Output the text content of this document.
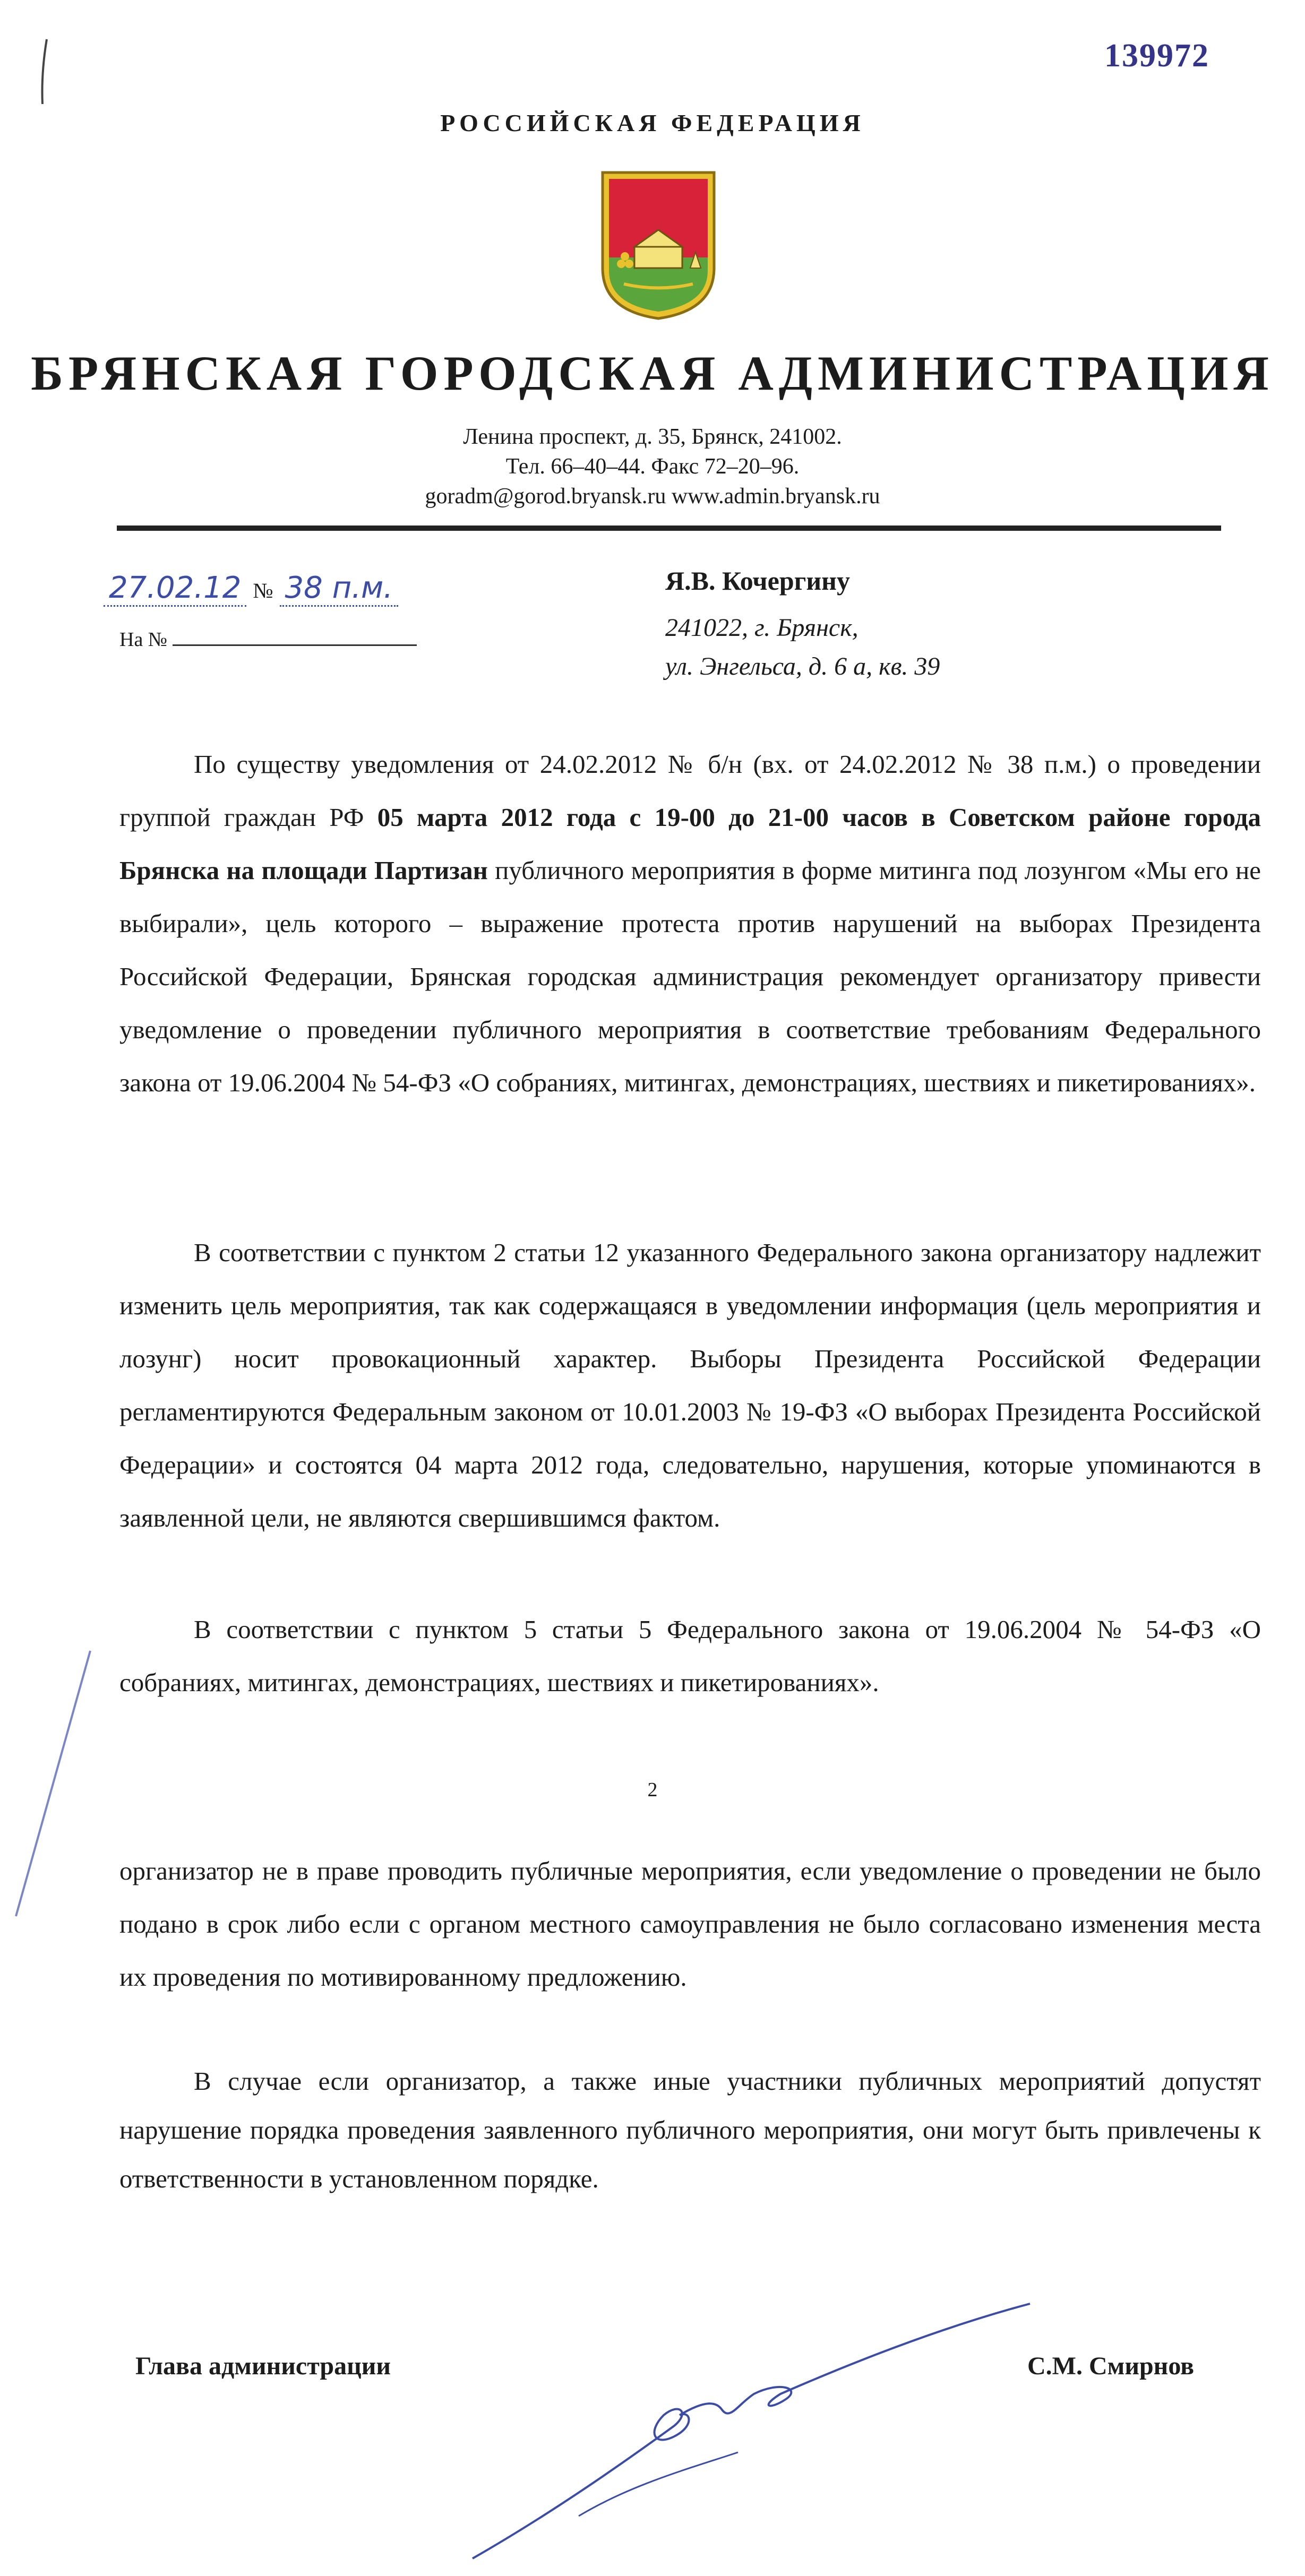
139972
РОССИЙСКАЯ ФЕДЕРАЦИЯ
БРЯНСКАЯ ГОРОДСКАЯ АДМИНИСТРАЦИЯ
Ленина проспект, д. 35, Брянск, 241002.
Тел. 66–40–44. Факс 72–20–96.
goradm@gorod.bryansk.ru www.admin.bryansk.ru
27.02.12 № 38 п.м.
На №
Я.В. Кочергину
241022, г. Брянск,
ул. Энгельса, д. 6 а, кв. 39
По существу уведомления от 24.02.2012 № б/н (вх. от 24.02.2012 № 38 п.м.) о проведении группой граждан РФ 05 марта 2012 года с 19-00 до 21-00 часов в Советском районе города Брянска на площади Партизан публичного мероприятия в форме митинга под лозунгом «Мы его не выбирали», цель которого – выражение протеста против нарушений на выборах Президента Российской Федерации, Брянская городская администрация рекомендует организатору привести уведомление о проведении публичного мероприятия в соответствие требованиям Федерального закона от 19.06.2004 № 54-ФЗ «О собраниях, митингах, демонстрациях, шествиях и пикетированиях».
В соответствии с пунктом 2 статьи 12 указанного Федерального закона организатору надлежит изменить цель мероприятия, так как содержащаяся в уведомлении информация (цель мероприятия и лозунг) носит провокационный характер. Выборы Президента Российской Федерации регламентируются Федеральным законом от 10.01.2003 № 19-ФЗ «О выборах Президента Российской Федерации» и состоятся 04 марта 2012 года, следовательно, нарушения, которые упоминаются в заявленной цели, не являются свершившимся фактом.
В соответствии с пунктом 5 статьи 5 Федерального закона от 19.06.2004 № 54-ФЗ «О собраниях, митингах, демонстрациях, шествиях и пикетированиях».
2
организатор не в праве проводить публичные мероприятия, если уведомление о проведении не было подано в срок либо если с органом местного самоуправления не было согласовано изменения места их проведения по мотивированному предложению.
В случае если организатор, а также иные участники публичных мероприятий допустят нарушение порядка проведения заявленного публичного мероприятия, они могут быть привлечены к ответственности в установленном порядке.
Глава администрации	С.М. Смирнов
